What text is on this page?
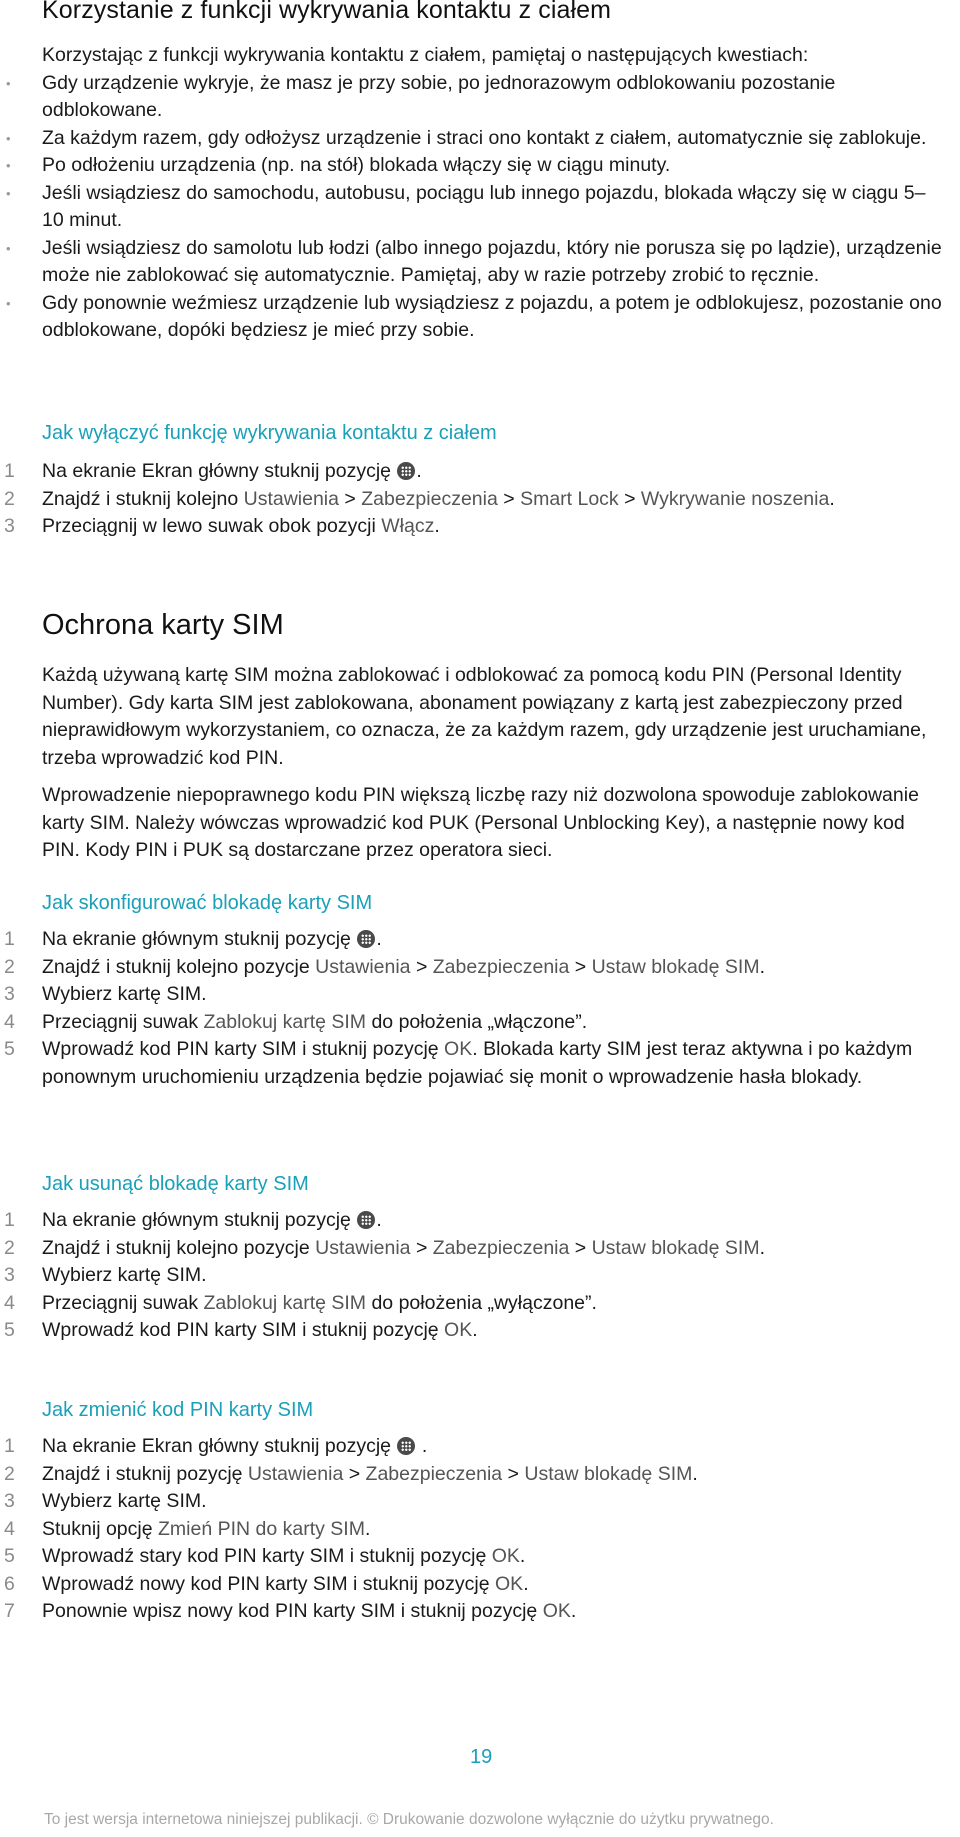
Korzystanie z funkcji wykrywania kontaktu z ciałem

Korzystając z funkcji wykrywania kontaktu z ciałem, pamiętaj o następujących kwestiach:

• Gdy urządzenie wykryje, że masz je przy sobie, po jednorazowym odblokowaniu pozostanie odblokowane.
• Za każdym razem, gdy odłożysz urządzenie i straci ono kontakt z ciałem, automatycznie się zablokuje.
• Po odłożeniu urządzenia (np. na stół) blokada włączy się w ciągu minuty.
• Jeśli wsiądziesz do samochodu, autobusu, pociągu lub innego pojazdu, blokada włączy się w ciągu 5–10 minut.
• Jeśli wsiądziesz do samolotu lub łodzi (albo innego pojazdu, który nie porusza się po lądzie), urządzenie może nie zablokować się automatycznie. Pamiętaj, aby w razie potrzeby zrobić to ręcznie.
• Gdy ponownie weźmiesz urządzenie lub wysiądziesz z pojazdu, a potem je odblokujesz, pozostanie ono odblokowane, dopóki będziesz je mieć przy sobie.
Jak wyłączyć funkcję wykrywania kontaktu z ciałem
1	Na ekranie Ekran główny stuknij pozycję .
2	Znajdź i stuknij kolejno Ustawienia > Zabezpieczenia > Smart Lock > Wykrywanie noszenia.
3	Przeciągnij w lewo suwak obok pozycji Włącz.
Ochrona karty SIM

Każdą używaną kartę SIM można zablokować i odblokować za pomocą kodu PIN (Personal Identity Number). Gdy karta SIM jest zablokowana, abonament powiązany z kartą jest zabezpieczony przed nieprawidłowym wykorzystaniem, co oznacza, że za każdym razem, gdy urządzenie jest uruchamiane, trzeba wprowadzić kod PIN.

Wprowadzenie niepoprawnego kodu PIN większą liczbę razy niż dozwolona spowoduje zablokowanie karty SIM. Należy wówczas wprowadzić kod PUK (Personal Unblocking Key), a następnie nowy kod PIN. Kody PIN i PUK są dostarczane przez operatora sieci.

Jak skonfigurować blokadę karty SIM
1	Na ekranie głównym stuknij pozycję .
2	Znajdź i stuknij kolejno pozycje Ustawienia > Zabezpieczenia > Ustaw blokadę SIM.
3	Wybierz kartę SIM.
4	Przeciągnij suwak Zablokuj kartę SIM do położenia „włączone”.
5	Wprowadź kod PIN karty SIM i stuknij pozycję OK. Blokada karty SIM jest teraz aktywna i po każdym ponownym uruchomieniu urządzenia będzie pojawiać się monit o wprowadzenie hasła blokady.
Jak usunąć blokadę karty SIM
1	Na ekranie głównym stuknij pozycję .
2	Znajdź i stuknij kolejno pozycje Ustawienia > Zabezpieczenia > Ustaw blokadę SIM.
3	Wybierz kartę SIM.
4	Przeciągnij suwak Zablokuj kartę SIM do położenia „wyłączone”.
5	Wprowadź kod PIN karty SIM i stuknij pozycję OK.
Jak zmienić kod PIN karty SIM
1	Na ekranie Ekran główny stuknij pozycję  .
2	Znajdź i stuknij pozycję Ustawienia > Zabezpieczenia > Ustaw blokadę SIM.
3	Wybierz kartę SIM.
4	Stuknij opcję Zmień PIN do karty SIM.
5	Wprowadź stary kod PIN karty SIM i stuknij pozycję OK.
6	Wprowadź nowy kod PIN karty SIM i stuknij pozycję OK.
7	Ponownie wpisz nowy kod PIN karty SIM i stuknij pozycję OK.
19
To jest wersja internetowa niniejszej publikacji. © Drukowanie dozwolone wyłącznie do użytku prywatnego.
